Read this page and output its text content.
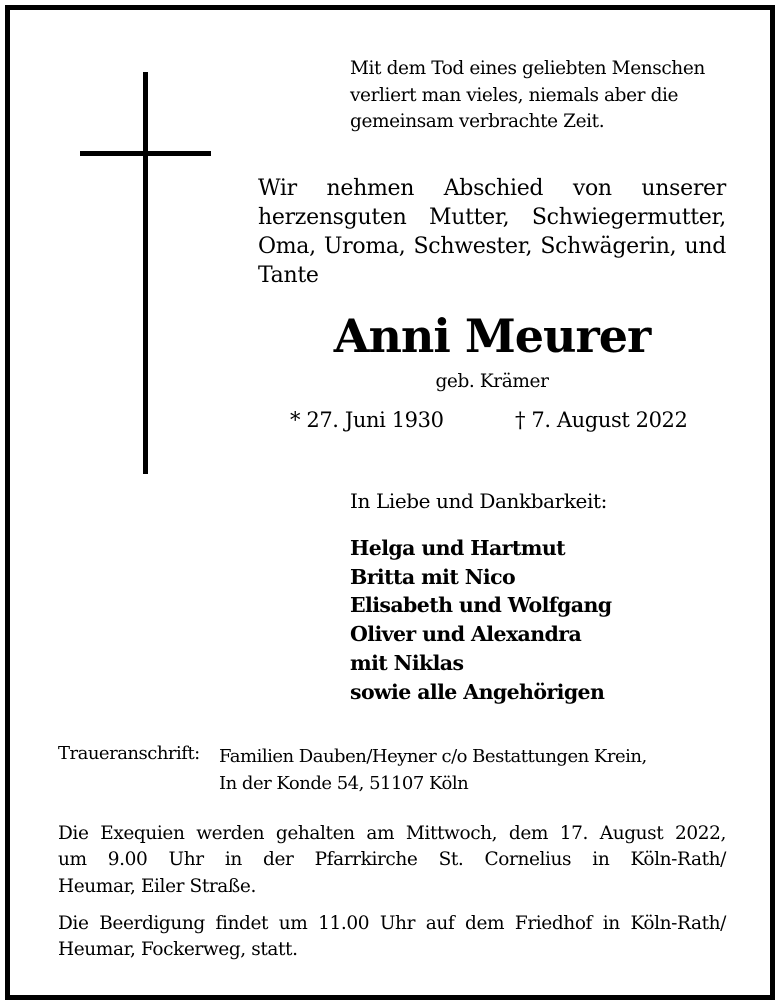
Mit dem Tod eines geliebten Menschen
verliert man vieles, niemals aber die
gemeinsam verbrachte Zeit.
Wir nehmen Abschied von unserer
herzensguten Mutter, Schwiegermutter,
Oma, Uroma, Schwester, Schwägerin, und
Tante
Anni Meurer
geb. Krämer
* 27. Juni 1930	† 7. August 2022
In Liebe und Dankbarkeit:
Helga und Hartmut
Britta mit Nico
Elisabeth und Wolfgang
Oliver und Alexandra
mit Niklas
sowie alle Angehörigen
Traueranschrift: Familien Dauben/Heyner c/o Bestattungen Krein,
In der Konde 54, 51107 Köln
Die Exequien werden gehalten am Mittwoch, dem 17. August 2022,
um 9.00 Uhr in der Pfarrkirche St. Cornelius in Köln-Rath/
Heumar, Eiler Straße.
Die Beerdigung findet um 11.00 Uhr auf dem Friedhof in Köln-Rath/
Heumar, Fockerweg, statt.
